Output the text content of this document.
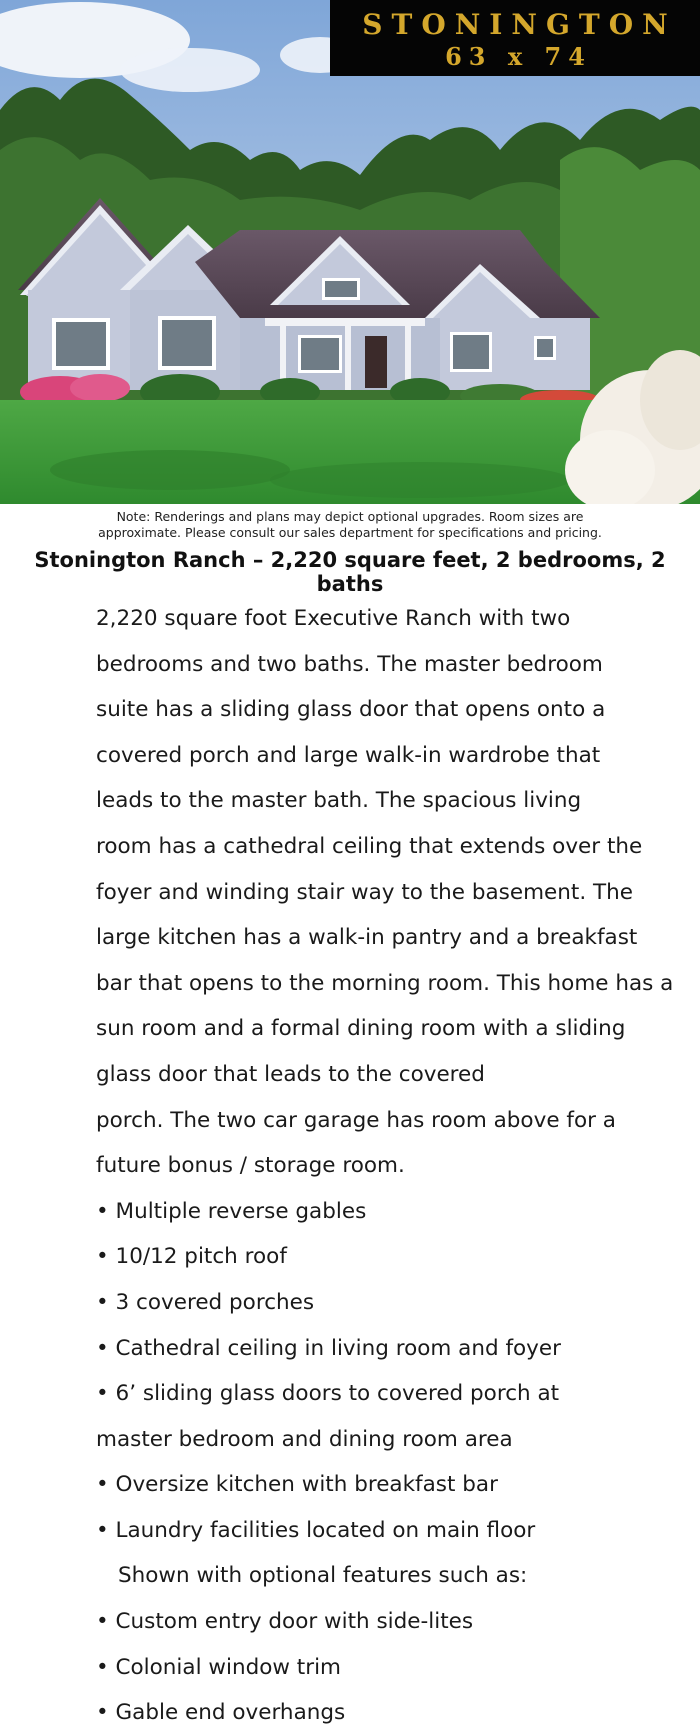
STONINGTON
63 x 74
Note: Renderings and plans may depict optional upgrades. Room sizes are
approximate. Please consult our sales department for specifications and pricing.
Stonington Ranch – 2,220 square feet, 2 bedrooms, 2 baths
2,220 square foot Executive Ranch with two
bedrooms and two baths. The master bedroom
suite has a sliding glass door that opens onto a
covered porch and large walk-in wardrobe that
leads to the master bath. The spacious living
room has a cathedral ceiling that extends over the
foyer and winding stair way to the basement. The
large kitchen has a walk-in pantry and a breakfast
bar that opens to the morning room. This home has a
sun room and a formal dining room with a sliding
glass door that leads to the covered
porch. The two car garage has room above for a
future bonus / storage room.
• Multiple reverse gables
• 10/12 pitch roof
• 3 covered porches
• Cathedral ceiling in living room and foyer
• 6’ sliding glass doors to covered porch at
master bedroom and dining room area
• Oversize kitchen with breakfast bar
• Laundry facilities located on main floor
Shown with optional features such as:
• Custom entry door with side-lites
• Colonial window trim
• Gable end overhangs
